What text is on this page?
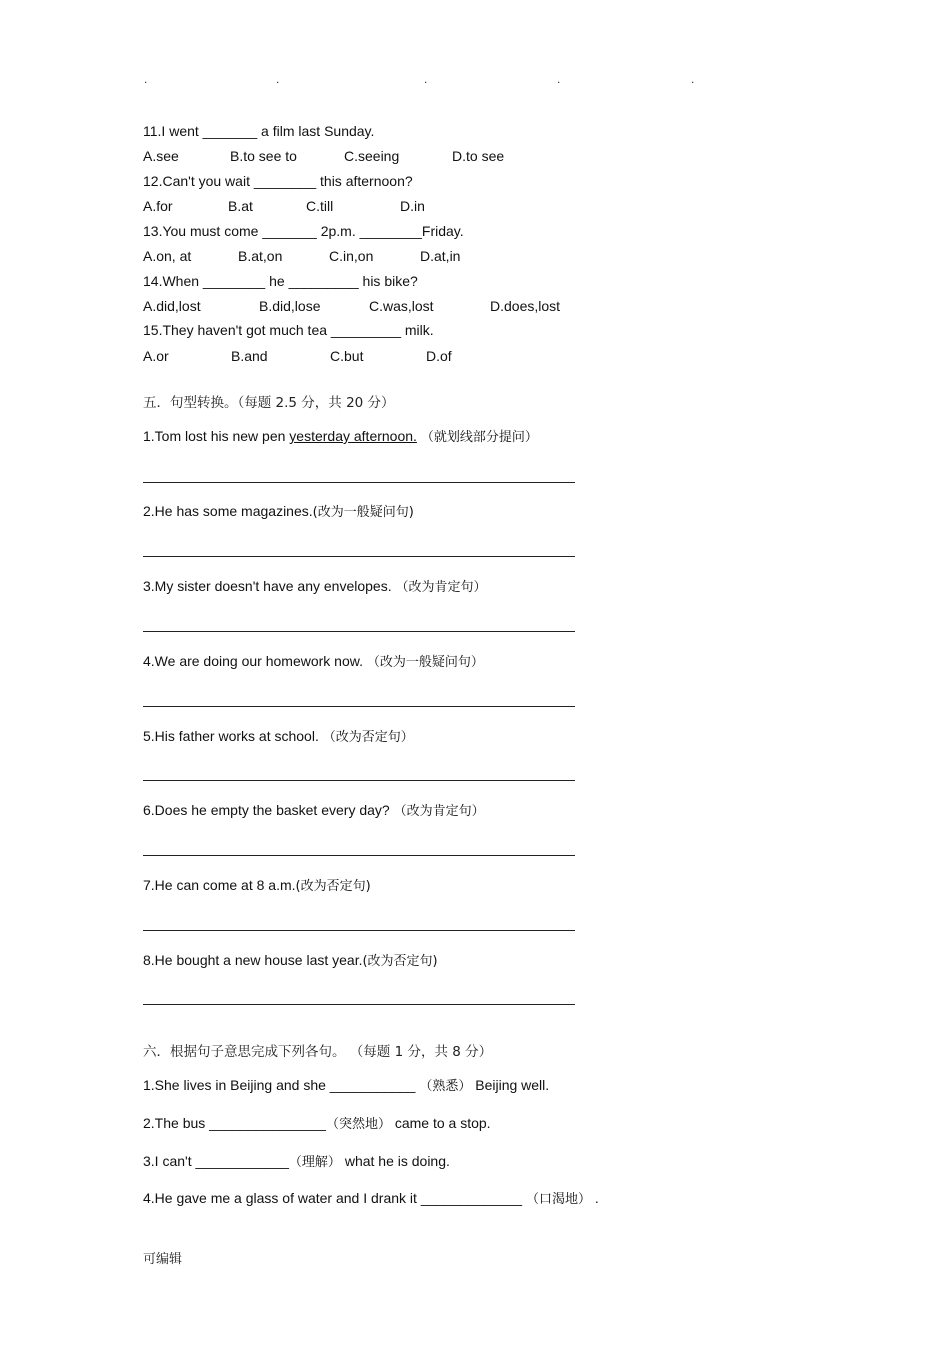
.	.	.	.	.
11.I went _______ a film last Sunday.
A.see	B.to see to	C.seeing	D.to see
12.Can't you wait ________ this afternoon?
A.for	B.at	C.till	D.in
13.You must come _______ 2p.m. ________Friday.
A.on, at	B.at,on	C.in,on	D.at,in
14.When ________ he _________ his bike?
A.did,lost	B.did,lose	C.was,lost	D.does,lost
15.They haven't got much tea _________ milk.
A.or	B.and	C.but	D.of
五．句型转换。（每题 2.5 分，共 20 分）
1.Tom lost his new pen yesterday afternoon. （就划线部分提问）
2.He has some magazines.(改为一般疑问句)
3.My sister doesn't have any envelopes. （改为肯定句）
4.We are doing our homework now. （改为一般疑问句）
5.His father works at school. （改为否定句）
6.Does he empty the basket every day? （改为肯定句）
7.He can come at 8 a.m.(改为否定句)
8.He bought a new house last year.(改为否定句)
六．根据句子意思完成下列各句。 （每题 1 分，共 8 分）
1.She lives in Beijing and she ___________ （熟悉） Beijing well.
2.The bus _______________（突然地） came to a stop.
3.I can't ____________（理解） what he is doing.
4.He gave me a glass of water and I drank it _____________ （口渴地） .
可编辑
